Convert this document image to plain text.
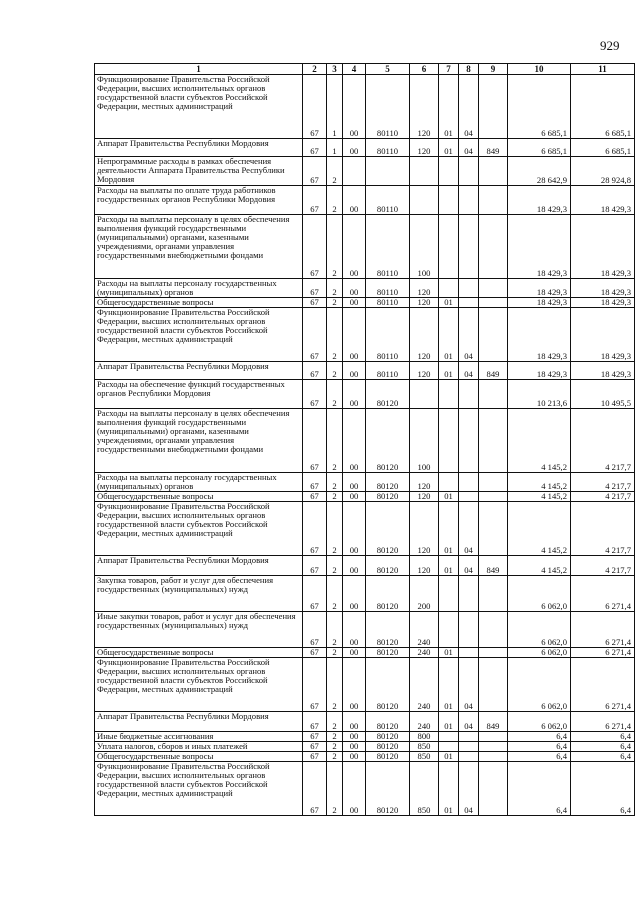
929
1	2	3	4	5	6	7	8	9	10	11
Функционирование Правительства Российской Федерации, высших исполнительных органов государственной власти субъектов Российской Федерации, местных администраций	67	1	00	80110	120	01	04		6 685,1	6 685,1
Аппарат Правительства Республики Мордовия	67	1	00	80110	120	01	04	849	6 685,1	6 685,1
Непрограммные расходы в рамках обеспечения деятельности Аппарата Правительства Республики Мордовия	67	2							28 642,9	28 924,8
Расходы на выплаты по оплате труда работников государственных органов Республики Мордовия	67	2	00	80110					18 429,3	18 429,3
Расходы на выплаты персоналу в целях обеспечения выполнения функций государственными (муниципальными) органами, казенными учреждениями, органами управления государственными внебюджетными фондами	67	2	00	80110	100				18 429,3	18 429,3
Расходы на выплаты персоналу государственных (муниципальных) органов	67	2	00	80110	120				18 429,3	18 429,3
Общегосударственные вопросы	67	2	00	80110	120	01			18 429,3	18 429,3
Функционирование Правительства Российской Федерации, высших исполнительных органов государственной власти субъектов Российской Федерации, местных администраций	67	2	00	80110	120	01	04		18 429,3	18 429,3
Аппарат Правительства Республики Мордовия	67	2	00	80110	120	01	04	849	18 429,3	18 429,3
Расходы на обеспечение функций государственных органов Республики Мордовия	67	2	00	80120					10 213,6	10 495,5
Расходы на выплаты персоналу в целях обеспечения выполнения функций государственными (муниципальными) органами, казенными учреждениями, органами управления государственными внебюджетными фондами	67	2	00	80120	100				4 145,2	4 217,7
Расходы на выплаты персоналу государственных (муниципальных) органов	67	2	00	80120	120				4 145,2	4 217,7
Общегосударственные вопросы	67	2	00	80120	120	01			4 145,2	4 217,7
Функционирование Правительства Российской Федерации, высших исполнительных органов государственной власти субъектов Российской Федерации, местных администраций	67	2	00	80120	120	01	04		4 145,2	4 217,7
Аппарат Правительства Республики Мордовия	67	2	00	80120	120	01	04	849	4 145,2	4 217,7
Закупка товаров, работ и услуг для обеспечения государственных (муниципальных) нужд	67	2	00	80120	200				6 062,0	6 271,4
Иные закупки товаров, работ и услуг для обеспечения государственных (муниципальных) нужд	67	2	00	80120	240				6 062,0	6 271,4
Общегосударственные вопросы	67	2	00	80120	240	01			6 062,0	6 271,4
Функционирование Правительства Российской Федерации, высших исполнительных органов государственной власти субъектов Российской Федерации, местных администраций	67	2	00	80120	240	01	04		6 062,0	6 271,4
Аппарат Правительства Республики Мордовия	67	2	00	80120	240	01	04	849	6 062,0	6 271,4
Иные бюджетные ассигнования	67	2	00	80120	800				6,4	6,4
Уплата налогов, сборов и иных платежей	67	2	00	80120	850				6,4	6,4
Общегосударственные вопросы	67	2	00	80120	850	01			6,4	6,4
Функционирование Правительства Российской Федерации, высших исполнительных органов государственной власти субъектов Российской Федерации, местных администраций	67	2	00	80120	850	01	04		6,4	6,4
